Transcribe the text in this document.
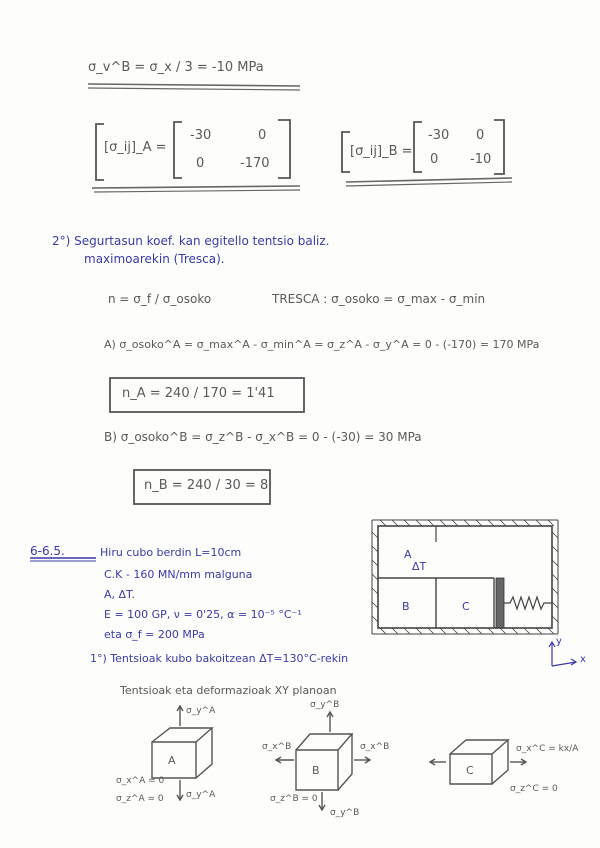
σ_v^B = σ_x / 3 = -10 MPa
[σ_ij]_A =
-30	0
0	-170
[σ_ij]_B =
-30 0
0 -10
2°) Segurtasun koef. kan egitello tentsio baliz.
maximoarekin (Tresca).
n = σ_f / σ_osoko	TRESCA : σ_osoko = σ_max - σ_min
A) σ_osoko^A = σ_max^A - σ_min^A = σ_z^A - σ_y^A = 0 - (-170) = 170 MPa
n_A = 240 / 170 = 1'41
B) σ_osoko^B = σ_z^B - σ_x^B = 0 - (-30) = 30 MPa
n_B = 240 / 30 = 8
6-6.5.	Hiru cubo berdin L=10cm
C.K - 160 MN/mm malguna
A, ΔT.
E = 100 GP, ν = 0'25, α = 10⁻⁵ °C⁻¹
eta σ_f = 200 MPa
1°) Tentsioak kubo bakoitzean ΔT=130°C-rekin
Tentsioak eta deformazioak XY planoan
A
ΔT
B	C
y
x
A
σ_y^A
σ_y^A
σ_x^A = 0
σ_z^A = 0
B
σ_y^B
σ_y^B
σ_x^B	σ_x^B
σ_z^B = 0
C
σ_x^C = kx/A
σ_z^C = 0
